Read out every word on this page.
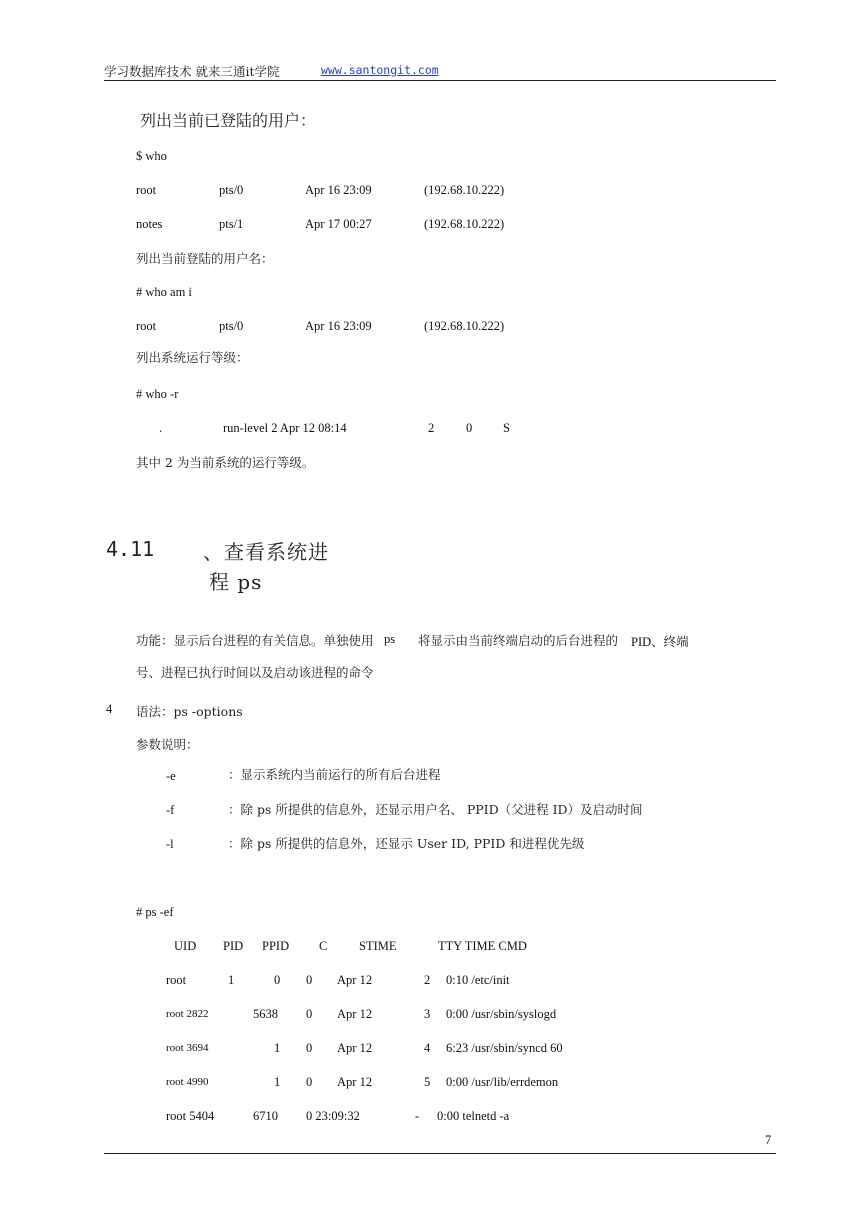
学习数据库技术 就来三通it学院	www.santongit.com
列出当前已登陆的用户：
$ who
root	pts/0	Apr 16 23:09	(192.68.10.222)
notes	pts/1	Apr 17 00:27	(192.68.10.222)
列出当前登陆的用户名：
# who am i
root	pts/0	Apr 16 23:09	(192.68.10.222)
列出系统运行等级：
# who -r
.	run-level 2 Apr 12 08:14	2	0 S
其中 2 为当前系统的运行等级。
4.11 、查看系统进
程 ps
功能：显示后台进程的有关信息。单独使用 ps 将显示由当前终端启动的后台进程的 PID、终端
号、进程已执行时间以及启动该进程的命令
4 语法：ps -options
参数说明：
-e	：显示系统内当前运行的所有后台进程
-f	：除 ps 所提供的信息外，还显示用户名、 PPID（父进程 ID）及启动时间
-l	：除 ps 所提供的信息外，还显示 User ID, PPID 和进程优先级
# ps -ef
UID PID PPID C	STIME	TTY TIME CMD
root	1	0 0 Apr 12	2 0:10 /etc/init
root 2822	5638 0 Apr 12	3 0:00 /usr/sbin/syslogd
root 3694	1 0 Apr 12	4 6:23 /usr/sbin/syncd 60
root 4990	1 0 Apr 12	5 0:00 /usr/lib/errdemon
root 5404	6710 0 23:09:32	- 0:00 telnetd -a
7
